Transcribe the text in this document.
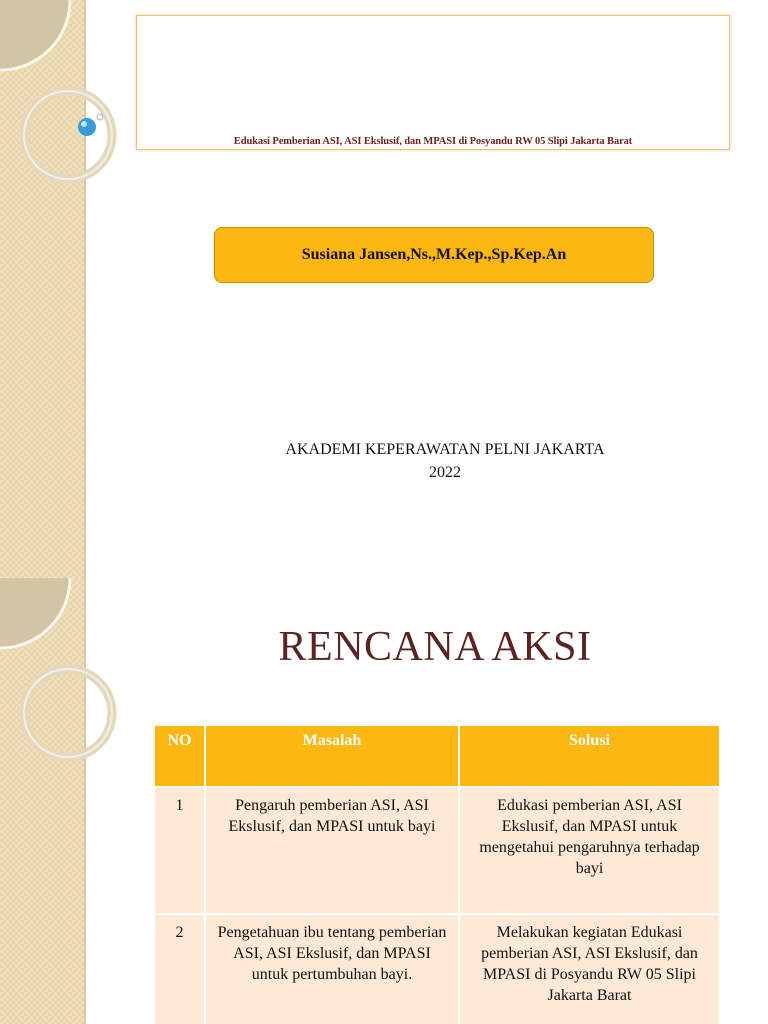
Edukasi Pemberian ASI, ASI Ekslusif, dan MPASI di Posyandu RW 05 Slipi Jakarta Barat
Susiana Jansen,Ns.,M.Kep.,Sp.Kep.An
AKADEMI KEPERAWATAN PELNI JAKARTA
2022
RENCANA AKSI
NO	Masalah	Solusi
1	Pengaruh pemberian ASI, ASI Ekslusif, dan MPASI untuk bayi	Edukasi pemberian ASI, ASI Ekslusif, dan MPASI untuk mengetahui pengaruhnya terhadap bayi
2	Pengetahuan ibu tentang pemberian ASI, ASI Ekslusif, dan MPASI untuk pertumbuhan bayi.	Melakukan kegiatan Edukasi pemberian ASI, ASI Ekslusif, dan MPASI di Posyandu RW 05 Slipi Jakarta Barat
